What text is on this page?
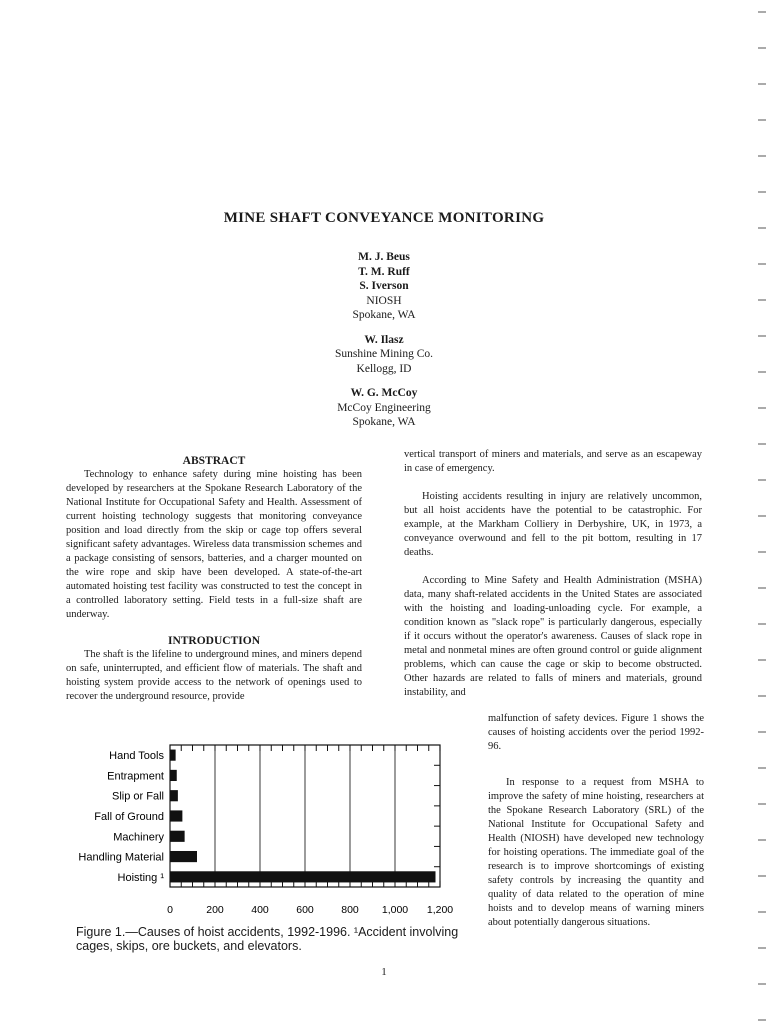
MINE SHAFT CONVEYANCE MONITORING
M. J. Beus
T. M. Ruff
S. Iverson
NIOSH
Spokane, WA
W. Ilasz
Sunshine Mining Co.
Kellogg, ID
W. G. McCoy
McCoy Engineering
Spokane, WA

ABSTRACT

Technology to enhance safety during mine hoisting has been developed by researchers at the Spokane Research Laboratory of the National Institute for Occupational Safety and Health. Assessment of current hoisting technology suggests that monitoring conveyance position and load directly from the skip or cage top offers several significant safety advantages. Wireless data transmission schemes and a package consisting of sensors, batteries, and a charger mounted on the wire rope and skip have been developed. A state-of-the-art automated hoisting test facility was constructed to test the concept in a controlled laboratory setting. Field tests in a full-size shaft are underway.

INTRODUCTION

The shaft is the lifeline to underground mines, and miners depend on safe, uninterrupted, and efficient flow of materials. The shaft and hoisting system provide access to the network of openings used to recover the underground resource, provide

vertical transport of miners and materials, and serve as an escapeway in case of emergency.

Hoisting accidents resulting in injury are relatively uncommon, but all hoist accidents have the potential to be catastrophic. For example, at the Markham Colliery in Derbyshire, UK, in 1973, a conveyance overwound and fell to the pit bottom, resulting in 17 deaths.

According to Mine Safety and Health Administration (MSHA) data, many shaft-related accidents in the United States are associated with the hoisting and loading-unloading cycle. For example, a condition known as "slack rope" is particularly dangerous, especially if it occurs without the operator's awareness. Causes of slack rope in metal and nonmetal mines are often ground control or guide alignment problems, which can cause the cage or skip to become obstructed. Other hazards are related to falls of miners and materials, ground instability, and

malfunction of safety devices. Figure 1 shows the causes of hoisting accidents over the period 1992-96.

In response to a request from MSHA to improve the safety of mine hoisting, researchers at the Spokane Research Laboratory (SRL) of the National Institute for Occupational Safety and Health (NIOSH) have developed new technology for hoisting operations. The immediate goal of the research is to improve shortcomings of existing safety controls by increasing the quantity and quality of data related to the operation of mine hoists and to develop means of warning miners about potentially dangerous situations.

Hand Tools
Entrapment
Slip or Fall
Fall of Ground
Machinery
Handling Material
Hoisting ¹
0	200	400	600	800 1,000 1,200
Figure 1.—Causes of hoist accidents, 1992-1996. ¹Accident involving cages, skips, ore buckets, and elevators.
1
